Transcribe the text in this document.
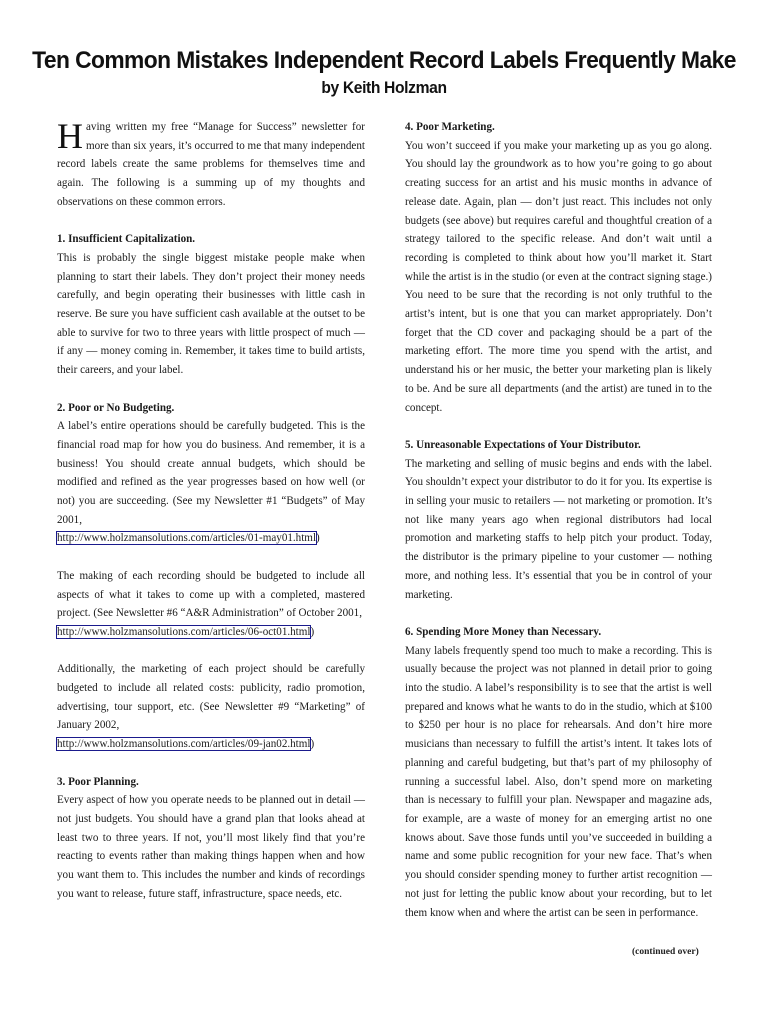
Ten Common Mistakes Independent Record Labels Frequently Make
by Keith Holzman

Having written my free “Manage for Success” newsletter for more than six years, it’s occurred to me that many independent record labels create the same problems for themselves time and again. The following is a summing up of my thoughts and observations on these common errors.

1. Insufficient Capitalization.

This is probably the single biggest mistake people make when planning to start their labels. They don’t project their money needs carefully, and begin operating their businesses with little cash in reserve. Be sure you have sufficient cash available at the outset to be able to survive for two to three years with little prospect of much — if any — money coming in. Remember, it takes time to build artists, their careers, and your label.

2. Poor or No Budgeting.

A label’s entire operations should be carefully budgeted. This is the financial road map for how you do business. And remember, it is a business! You should create annual budgets, which should be modified and refined as the year progresses based on how well (or not) you are succeeding. (See my Newsletter #1 “Budgets” of May 2001,
http://www.holzmansolutions.com/articles/01-may01.html)

The making of each recording should be budgeted to include all aspects of what it takes to come up with a completed, mastered project. (See Newsletter #6 “A&R Administration” of October 2001,
http://www.holzmansolutions.com/articles/06-oct01.html)

Additionally, the marketing of each project should be carefully budgeted to include all related costs: publicity, radio promotion, advertising, tour support, etc. (See Newsletter #9 “Marketing” of January 2002,
http://www.holzmansolutions.com/articles/09-jan02.html)

3. Poor Planning.

Every aspect of how you operate needs to be planned out in detail — not just budgets. You should have a grand plan that looks ahead at least two to three years. If not, you’ll most likely find that you’re reacting to events rather than making things happen when and how you want them to. This includes the number and kinds of recordings you want to release, future staff, infrastructure, space needs, etc.

4. Poor Marketing.

You won’t succeed if you make your marketing up as you go along. You should lay the groundwork as to how you’re going to go about creating success for an artist and his music months in advance of release date. Again, plan — don’t just react. This includes not only budgets (see above) but requires careful and thoughtful creation of a strategy tailored to the specific release. And don’t wait until a recording is completed to think about how you’ll market it. Start while the artist is in the studio (or even at the contract signing stage.) You need to be sure that the recording is not only truthful to the artist’s intent, but is one that you can market appropriately. Don’t forget that the CD cover and packaging should be a part of the marketing effort. The more time you spend with the artist, and understand his or her music, the better your marketing plan is likely to be. And be sure all departments (and the artist) are tuned in to the concept.

5. Unreasonable Expectations of Your Distributor.

The marketing and selling of music begins and ends with the label. You shouldn’t expect your distributor to do it for you. Its expertise is in selling your music to retailers — not marketing or promotion. It’s not like many years ago when regional distributors had local promotion and marketing staffs to help pitch your product. Today, the distributor is the primary pipeline to your customer — nothing more, and nothing less. It’s essential that you be in control of your marketing.

6. Spending More Money than Necessary.

Many labels frequently spend too much to make a recording. This is usually because the project was not planned in detail prior to going into the studio. A label’s responsibility is to see that the artist is well prepared and knows what he wants to do in the studio, which at $100 to $250 per hour is no place for rehearsals. And don’t hire more musicians than necessary to fulfill the artist’s intent. It takes lots of planning and careful budgeting, but that’s part of my philosophy of running a successful label. Also, don’t spend more on marketing than is necessary to fulfill your plan. Newspaper and magazine ads, for example, are a waste of money for an emerging artist no one knows about. Save those funds until you’ve succeeded in building a name and some public recognition for your new face. That’s when you should consider spending money to further artist recognition — not just for letting the public know about your recording, but to let them know when and where the artist can be seen in performance.

(continued over)
